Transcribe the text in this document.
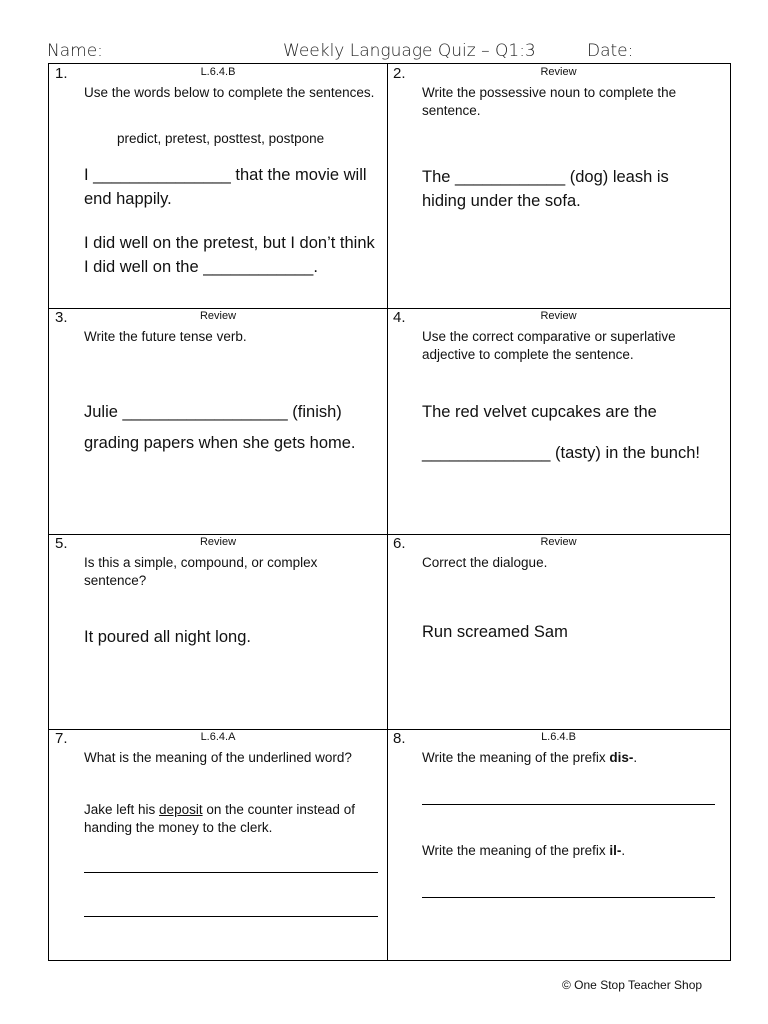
Name:	Weekly Language Quiz – Q1:3	Date:
1.	L.6.4.B
Use the words below to complete the sentences.
predict, pretest, posttest, postpone
I _______________ that the movie will end happily.
I did well on the pretest, but I don’t think I did well on the ____________.
2.	Review
Write the possessive noun to complete the sentence.
The ____________ (dog) leash is hiding under the sofa.
3.	Review
Write the future tense verb.
Julie __________________ (finish)
grading papers when she gets home.
4.	Review
Use the correct comparative or superlative adjective to complete the sentence.
The red velvet cupcakes are the
______________ (tasty) in the bunch!
5.	Review
Is this a simple, compound, or complex sentence?
It poured all night long.
6.	Review
Correct the dialogue.
Run screamed Sam
7.	L.6.4.A
What is the meaning of the underlined word?
Jake left his deposit on the counter instead of handing the money to the clerk.
8.	L.6.4.B
Write the meaning of the prefix dis-.
Write the meaning of the prefix il-.
© One Stop Teacher Shop
